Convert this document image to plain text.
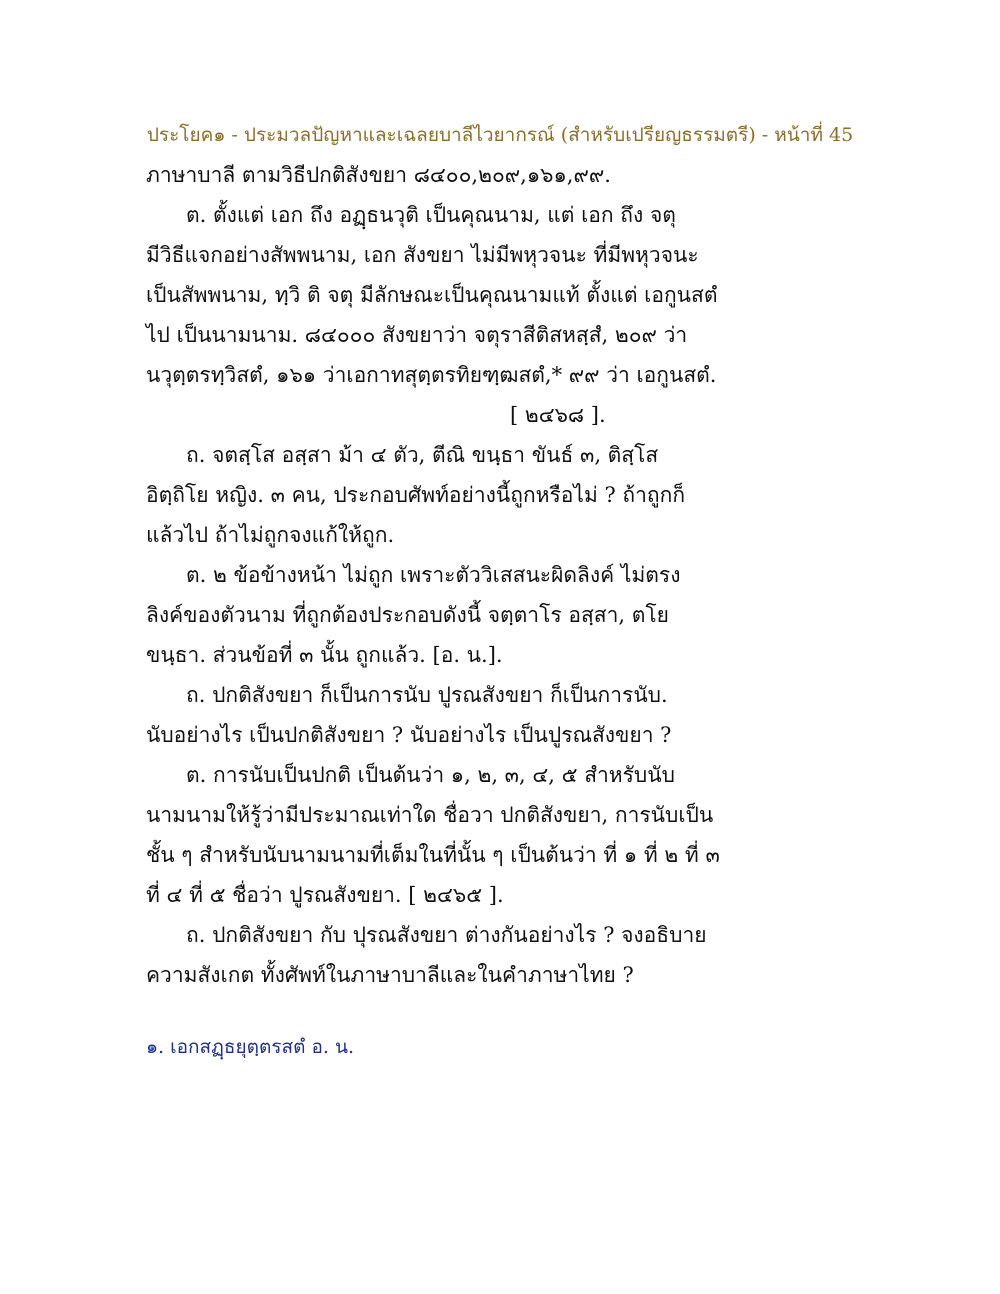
ประโยค๑ - ประมวลปัญหาและเฉลยบาลีไวยากรณ์ (สำหรับเปรียญธรรมตรี) - หน้าที่ 45
ภาษาบาลี ตามวิธีปกติสังขยา ๘๔๐๐,๒๐๙,๑๖๑,๙๙.
ต. ตั้งแต่ เอก ถึง อฏฺธนวุติ เป็นคุณนาม, แต่ เอก ถึง จตุ
มีวิธีแจกอย่างสัพพนาม, เอก สังขยา ไม่มีพหุวจนะ ที่มีพหุวจนะ
เป็นสัพพนาม, ทฺวิ ติ จตุ มีลักษณะเป็นคุณนามแท้ ตั้งแต่ เอกูนสตํ
ไป เป็นนามนาม. ๘๔๐๐๐ สังขยาว่า จตุราสีติสหสฺสํ, ๒๐๙ ว่า
นวุตฺตรทฺวิสตํ, ๑๖๑ ว่าเอกาทสุตฺตรทิยฑฺฒสตํ,* ๙๙ ว่า เอกูนสตํ.
[ ๒๔๖๘ ].
ถ. จตสฺโส อสฺสา ม้า ๔ ตัว, ตีณิ ขนฺธา ขันธ์ ๓, ติสฺโส
อิตฺถิโย หญิง. ๓ คน, ประกอบศัพท์อย่างนี้ถูกหรือไม่ ? ถ้าถูกก็
แล้วไป ถ้าไม่ถูกจงแก้ให้ถูก.
ต. ๒ ข้อข้างหน้า ไม่ถูก เพราะตัววิเสสนะผิดลิงค์ ไม่ตรง
ลิงค์ของตัวนาม ที่ถูกต้องประกอบดังนี้ จตฺตาโร อสฺสา, ตโย
ขนฺธา. ส่วนข้อที่ ๓ นั้น ถูกแล้ว. [อ. น.].
ถ. ปกติสังขยา ก็เป็นการนับ ปูรณสังขยา ก็เป็นการนับ.
นับอย่างไร เป็นปกติสังขยา ? นับอย่างไร เป็นปูรณสังขยา ?
ต. การนับเป็นปกติ เป็นต้นว่า ๑, ๒, ๓, ๔, ๕ สำหรับนับ
นามนามให้รู้ว่ามีประมาณเท่าใด ชื่อวา ปกติสังขยา, การนับเป็น
ชั้น ๆ สำหรับนับนามนามที่เต็มในที่นั้น ๆ เป็นต้นว่า ที่ ๑ ที่ ๒ ที่ ๓
ที่ ๔ ที่ ๕ ชื่อว่า ปูรณสังขยา. [ ๒๔๖๕ ].
ถ. ปกติสังขยา กับ ปุรณสังขยา ต่างกันอย่างไร ? จงอธิบาย
ความสังเกต ทั้งศัพท์ในภาษาบาลีและในคำภาษาไทย ?
๑. เอกสฏฺธยุตฺตรสตํ อ. น.
